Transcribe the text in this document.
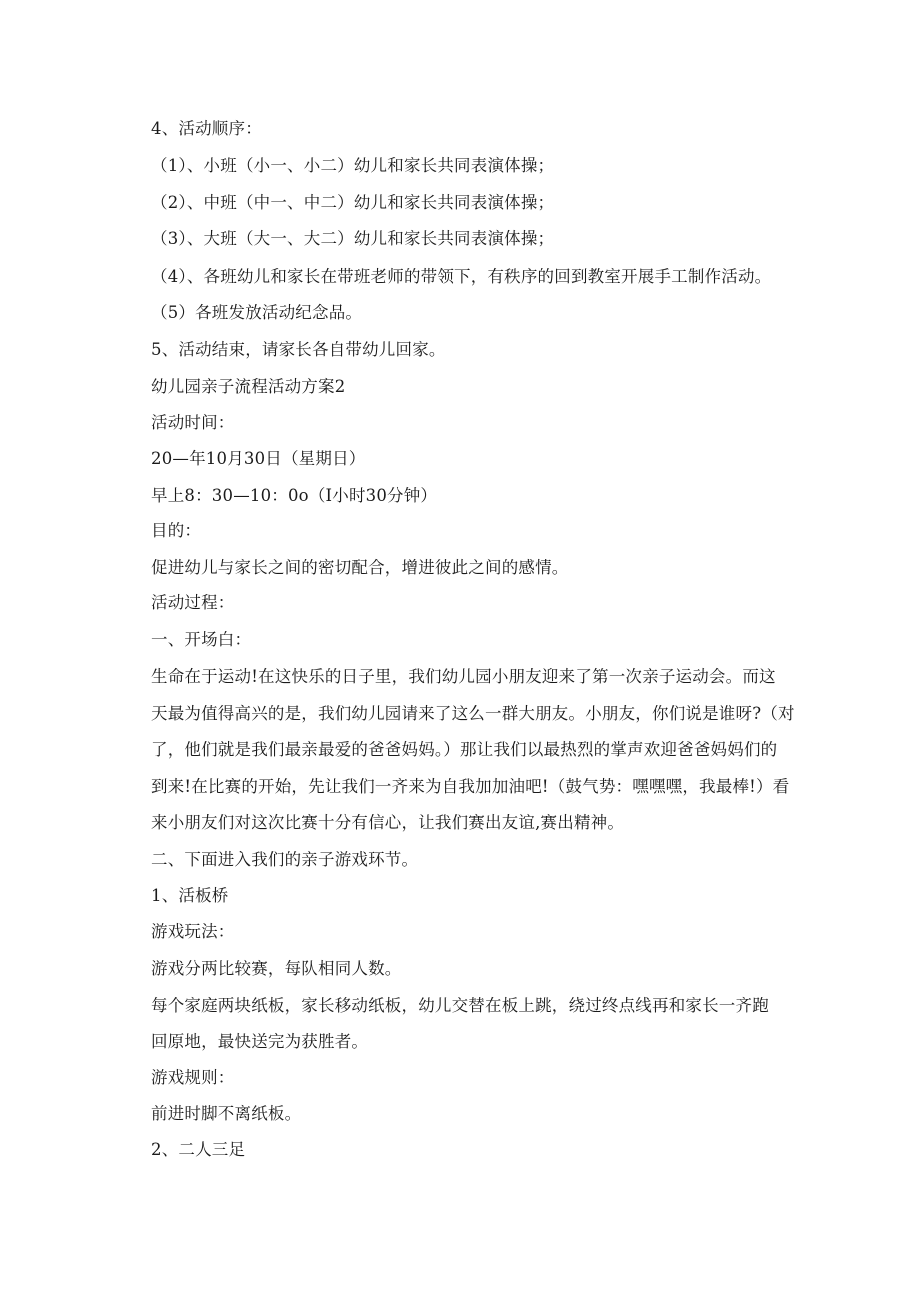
4、活动顺序：
（1）、小班（小一、小二）幼儿和家长共同表演体操；
（2）、中班（中一、中二）幼儿和家长共同表演体操；
（3）、大班（大一、大二）幼儿和家长共同表演体操；
（4）、各班幼儿和家长在带班老师的带领下，有秩序的回到教室开展手工制作活动。
（5）各班发放活动纪念品。
5、活动结束，请家长各自带幼儿回家。
幼儿园亲子流程活动方案2
活动时间：
20—年10月30日（星期日）
早上8：30—10：0o（I小时30分钟）
目的：
促进幼儿与家长之间的密切配合，增进彼此之间的感情。
活动过程：
一、开场白：
生命在于运动!在这快乐的日子里，我们幼儿园小朋友迎来了第一次亲子运动会。而这
天最为值得高兴的是，我们幼儿园请来了这么一群大朋友。小朋友，你们说是谁呀?（对
了，他们就是我们最亲最爱的爸爸妈妈。）那让我们以最热烈的掌声欢迎爸爸妈妈们的
到来!在比赛的开始，先让我们一齐来为自我加加油吧!（鼓气势：嘿嘿嘿，我最棒!）看
来小朋友们对这次比赛十分有信心，让我们赛出友谊,赛出精神。
二、下面进入我们的亲子游戏环节。
1、活板桥
游戏玩法：
游戏分两比较赛，每队相同人数。
每个家庭两块纸板，家长移动纸板，幼儿交替在板上跳，绕过终点线再和家长一齐跑
回原地，最快送完为获胜者。
游戏规则：
前进时脚不离纸板。
2、二人三足
